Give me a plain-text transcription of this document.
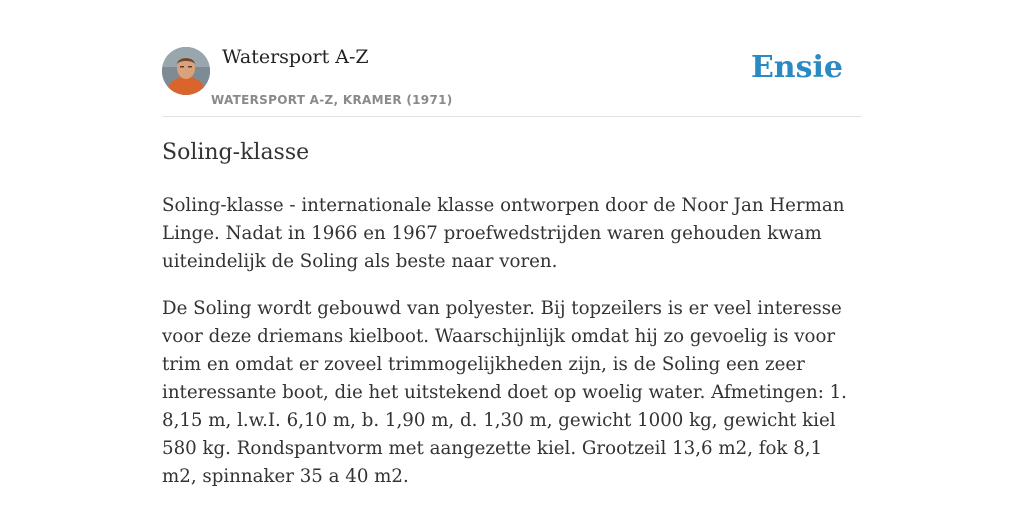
Watersport A-Z
WATERSPORT A-Z, KRAMER (1971)
Ensie
Soling-klasse

Soling-klasse - internationale klasse ontworpen door de Noor Jan Herman Linge. Nadat in 1966 en 1967 proefwedstrijden waren gehouden kwam uiteindelijk de Soling als beste naar voren.

De Soling wordt gebouwd van polyester. Bij topzeilers is er veel interesse voor deze driemans kielboot. Waarschijnlijk omdat hij zo gevoelig is voor trim en omdat er zoveel trimmogelijkheden zijn, is de Soling een zeer interessante boot, die het uitstekend doet op woelig water. Afmetingen: 1. 8,15 m, l.w.I. 6,10 m, b. 1,90 m, d. 1,30 m, gewicht 1000 kg, gewicht kiel 580 kg. Rondspantvorm met aangezette kiel. Grootzeil 13,6 m2, fok 8,1 m2, spinnaker 35 a 40 m2.
